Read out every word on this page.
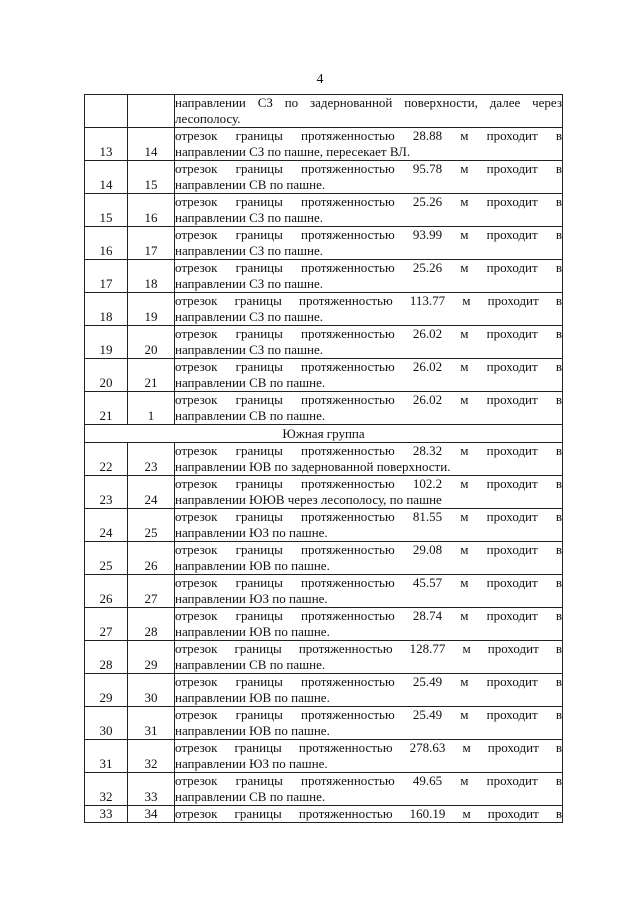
4

		направлении СЗ по задернованной поверхности, далее через
лесополосу.

13	14	отрезок границы протяженностью 28.88 м проходит в
направлении СЗ по пашне, пересекает ВЛ.

14	15	отрезок границы протяженностью 95.78 м проходит в
направлении СВ по пашне.

15	16	отрезок границы протяженностью 25.26 м проходит в
направлении СЗ по пашне.

16	17	отрезок границы протяженностью 93.99 м проходит в
направлении СЗ по пашне.

17	18	отрезок границы протяженностью 25.26 м проходит в
направлении СЗ по пашне.

18	19	отрезок границы протяженностью 113.77 м проходит в
направлении СЗ по пашне.

19	20	отрезок границы протяженностью 26.02 м проходит в
направлении СЗ по пашне.

20	21	отрезок границы протяженностью 26.02 м проходит в
направлении СВ по пашне.

21	1	отрезок границы протяженностью 26.02 м проходит в
направлении СВ по пашне.

Южная группа		
22	23	отрезок границы протяженностью 28.32 м проходит в
направлении ЮВ по задернованной поверхности.

23	24	отрезок границы протяженностью 102.2 м проходит в
направлении ЮЮВ через лесополосу, по пашне

24	25	отрезок границы протяженностью 81.55 м проходит в
направлении ЮЗ по пашне.

25	26	отрезок границы протяженностью 29.08 м проходит в
направлении ЮВ по пашне.

26	27	отрезок границы протяженностью 45.57 м проходит в
направлении ЮЗ по пашне.

27	28	отрезок границы протяженностью 28.74 м проходит в
направлении ЮВ по пашне.

28	29	отрезок границы протяженностью 128.77 м проходит в
направлении СВ по пашне.

29	30	отрезок границы протяженностью 25.49 м проходит в
направлении ЮВ по пашне.

30	31	отрезок границы протяженностью 25.49 м проходит в
направлении ЮВ по пашне.

31	32	отрезок границы протяженностью 278.63 м проходит в
направлении ЮЗ по пашне.

32	33	отрезок границы протяженностью 49.65 м проходит в
направлении СВ по пашне.

33	34	отрезок границы протяженностью 160.19 м проходит в
